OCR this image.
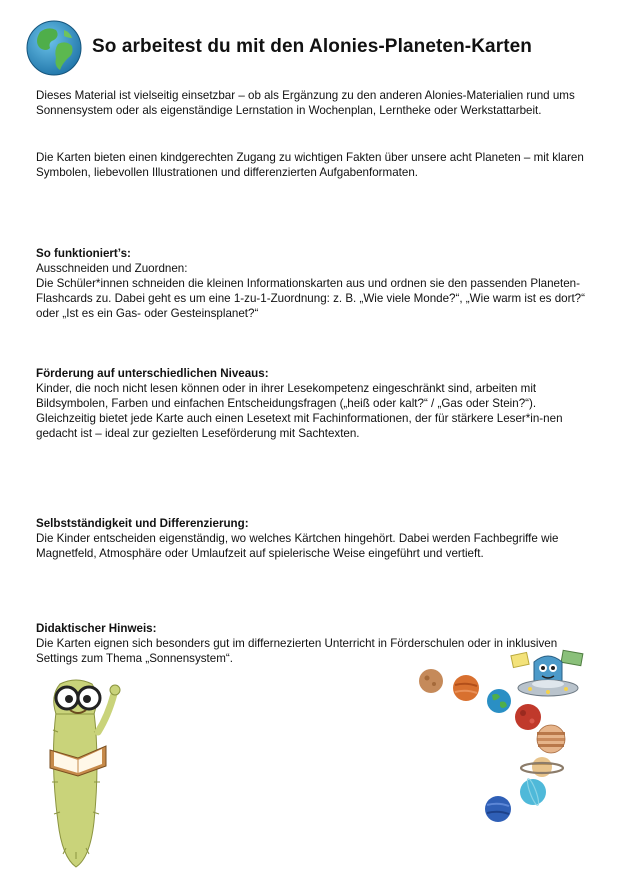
So arbeitest du mit den Alonies-Planeten-Karten

Dieses Material ist vielseitig einsetzbar – ob als Ergänzung zu den anderen Alonies-Materialien rund ums Sonnensystem oder als eigenständige Lernstation in Wochenplan, Lerntheke oder Werkstattarbeit.

Die Karten bieten einen kindgerechten Zugang zu wichtigen Fakten über unsere acht Planeten – mit klaren Symbolen, liebevollen Illustrationen und differenzierten Aufgabenformaten.

So funktioniert’s:
Ausschneiden und Zuordnen:
Die Schüler*innen schneiden die kleinen Informationskarten aus und ordnen sie den passenden Planeten-Flashcards zu. Dabei geht es um eine 1-zu-1-Zuordnung: z. B. „Wie viele Monde?“, „Wie warm ist es dort?“ oder „Ist es ein Gas- oder Gesteinsplanet?“
Förderung auf unterschiedlichen Niveaus:
Kinder, die noch nicht lesen können oder in ihrer Lesekompetenz eingeschränkt sind, arbeiten mit Bildsymbolen, Farben und einfachen Entscheidungsfragen („heiß oder kalt?“ / „Gas oder Stein?“). Gleichzeitig bietet jede Karte auch einen Lesetext mit Fachinformationen, der für stärkere Leser*in-nen gedacht ist – ideal zur gezielten Leseförderung mit Sachtexten.
Selbstständigkeit und Differenzierung:
Die Kinder entscheiden eigenständig, wo welches Kärtchen hingehört. Dabei werden Fachbegriffe wie Magnetfeld, Atmosphäre oder Umlaufzeit auf spielerische Weise eingeführt und vertieft.
Didaktischer Hinweis:
Die Karten eignen sich besonders gut im differnezierten Unterricht in Förderschulen oder in inklusiven Settings zum Thema „Sonnensystem“.
